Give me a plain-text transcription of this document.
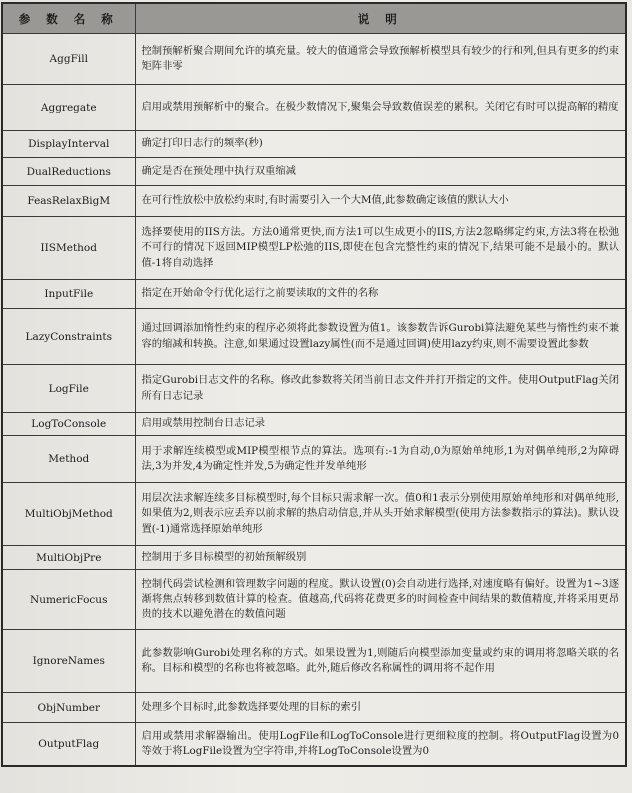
参 数 名 称	说 明
AggFill	控制预解析聚合期间允许的填充量。较大的值通常会导致预解析模型具有较少的行和列,但具有更多的约束矩阵非零
Aggregate	启用或禁用预解析中的聚合。在极少数情况下,聚集会导致数值误差的累积。关闭它有时可以提高解的精度
DisplayInterval	确定打印日志行的频率(秒)
DualReductions	确定是否在预处理中执行双重缩减
FeasRelaxBigM	在可行性放松中放松约束时,有时需要引入一个大M值,此参数确定该值的默认大小
IISMethod	选择要使用的IIS方法。方法0通常更快,而方法1可以生成更小的IIS,方法2忽略绑定约束,方法3将在松弛不可行的情况下返回MIP模型LP松弛的IIS,即使在包含完整性约束的情况下,结果可能不是最小的。默认值-1将自动选择
InputFile	指定在开始命令行优化运行之前要读取的文件的名称
LazyConstraints	通过回调添加惰性约束的程序必须将此参数设置为值1。该参数告诉Gurobi算法避免某些与惰性约束不兼容的缩减和转换。注意,如果通过设置lazy属性(而不是通过回调)使用lazy约束,则不需要设置此参数
LogFile	指定Gurobi日志文件的名称。修改此参数将关闭当前日志文件并打开指定的文件。使用OutputFlag关闭所有日志记录
LogToConsole	启用或禁用控制台日志记录
Method	用于求解连续模型或MIP模型根节点的算法。选项有:-1为自动,0为原始单纯形,1为对偶单纯形,2为障碍法,3为并发,4为确定性并发,5为确定性并发单纯形
MultiObjMethod	用层次法求解连续多目标模型时,每个目标只需求解一次。值0和1表示分别使用原始单纯形和对偶单纯形,如果值为2,则表示应丢弃以前求解的热启动信息,并从头开始求解模型(使用方法参数指示的算法)。默认设置(-1)通常选择原始单纯形
MultiObjPre	控制用于多目标模型的初始预解级别
NumericFocus	控制代码尝试检测和管理数字问题的程度。默认设置(0)会自动进行选择,对速度略有偏好。设置为1~3逐渐将焦点转移到数值计算的检查。值越高,代码将花费更多的时间检查中间结果的数值精度,并将采用更昂贵的技术以避免潜在的数值问题
IgnoreNames	此参数影响Gurobi处理名称的方式。如果设置为1,则随后向模型添加变量或约束的调用将忽略关联的名称。目标和模型的名称也将被忽略。此外,随后修改名称属性的调用将不起作用
ObjNumber	处理多个目标时,此参数选择要处理的目标的索引
OutputFlag	启用或禁用求解器输出。使用LogFile和LogToConsole进行更细粒度的控制。将OutputFlag设置为0等效于将LogFile设置为空字符串,并将LogToConsole设置为0
